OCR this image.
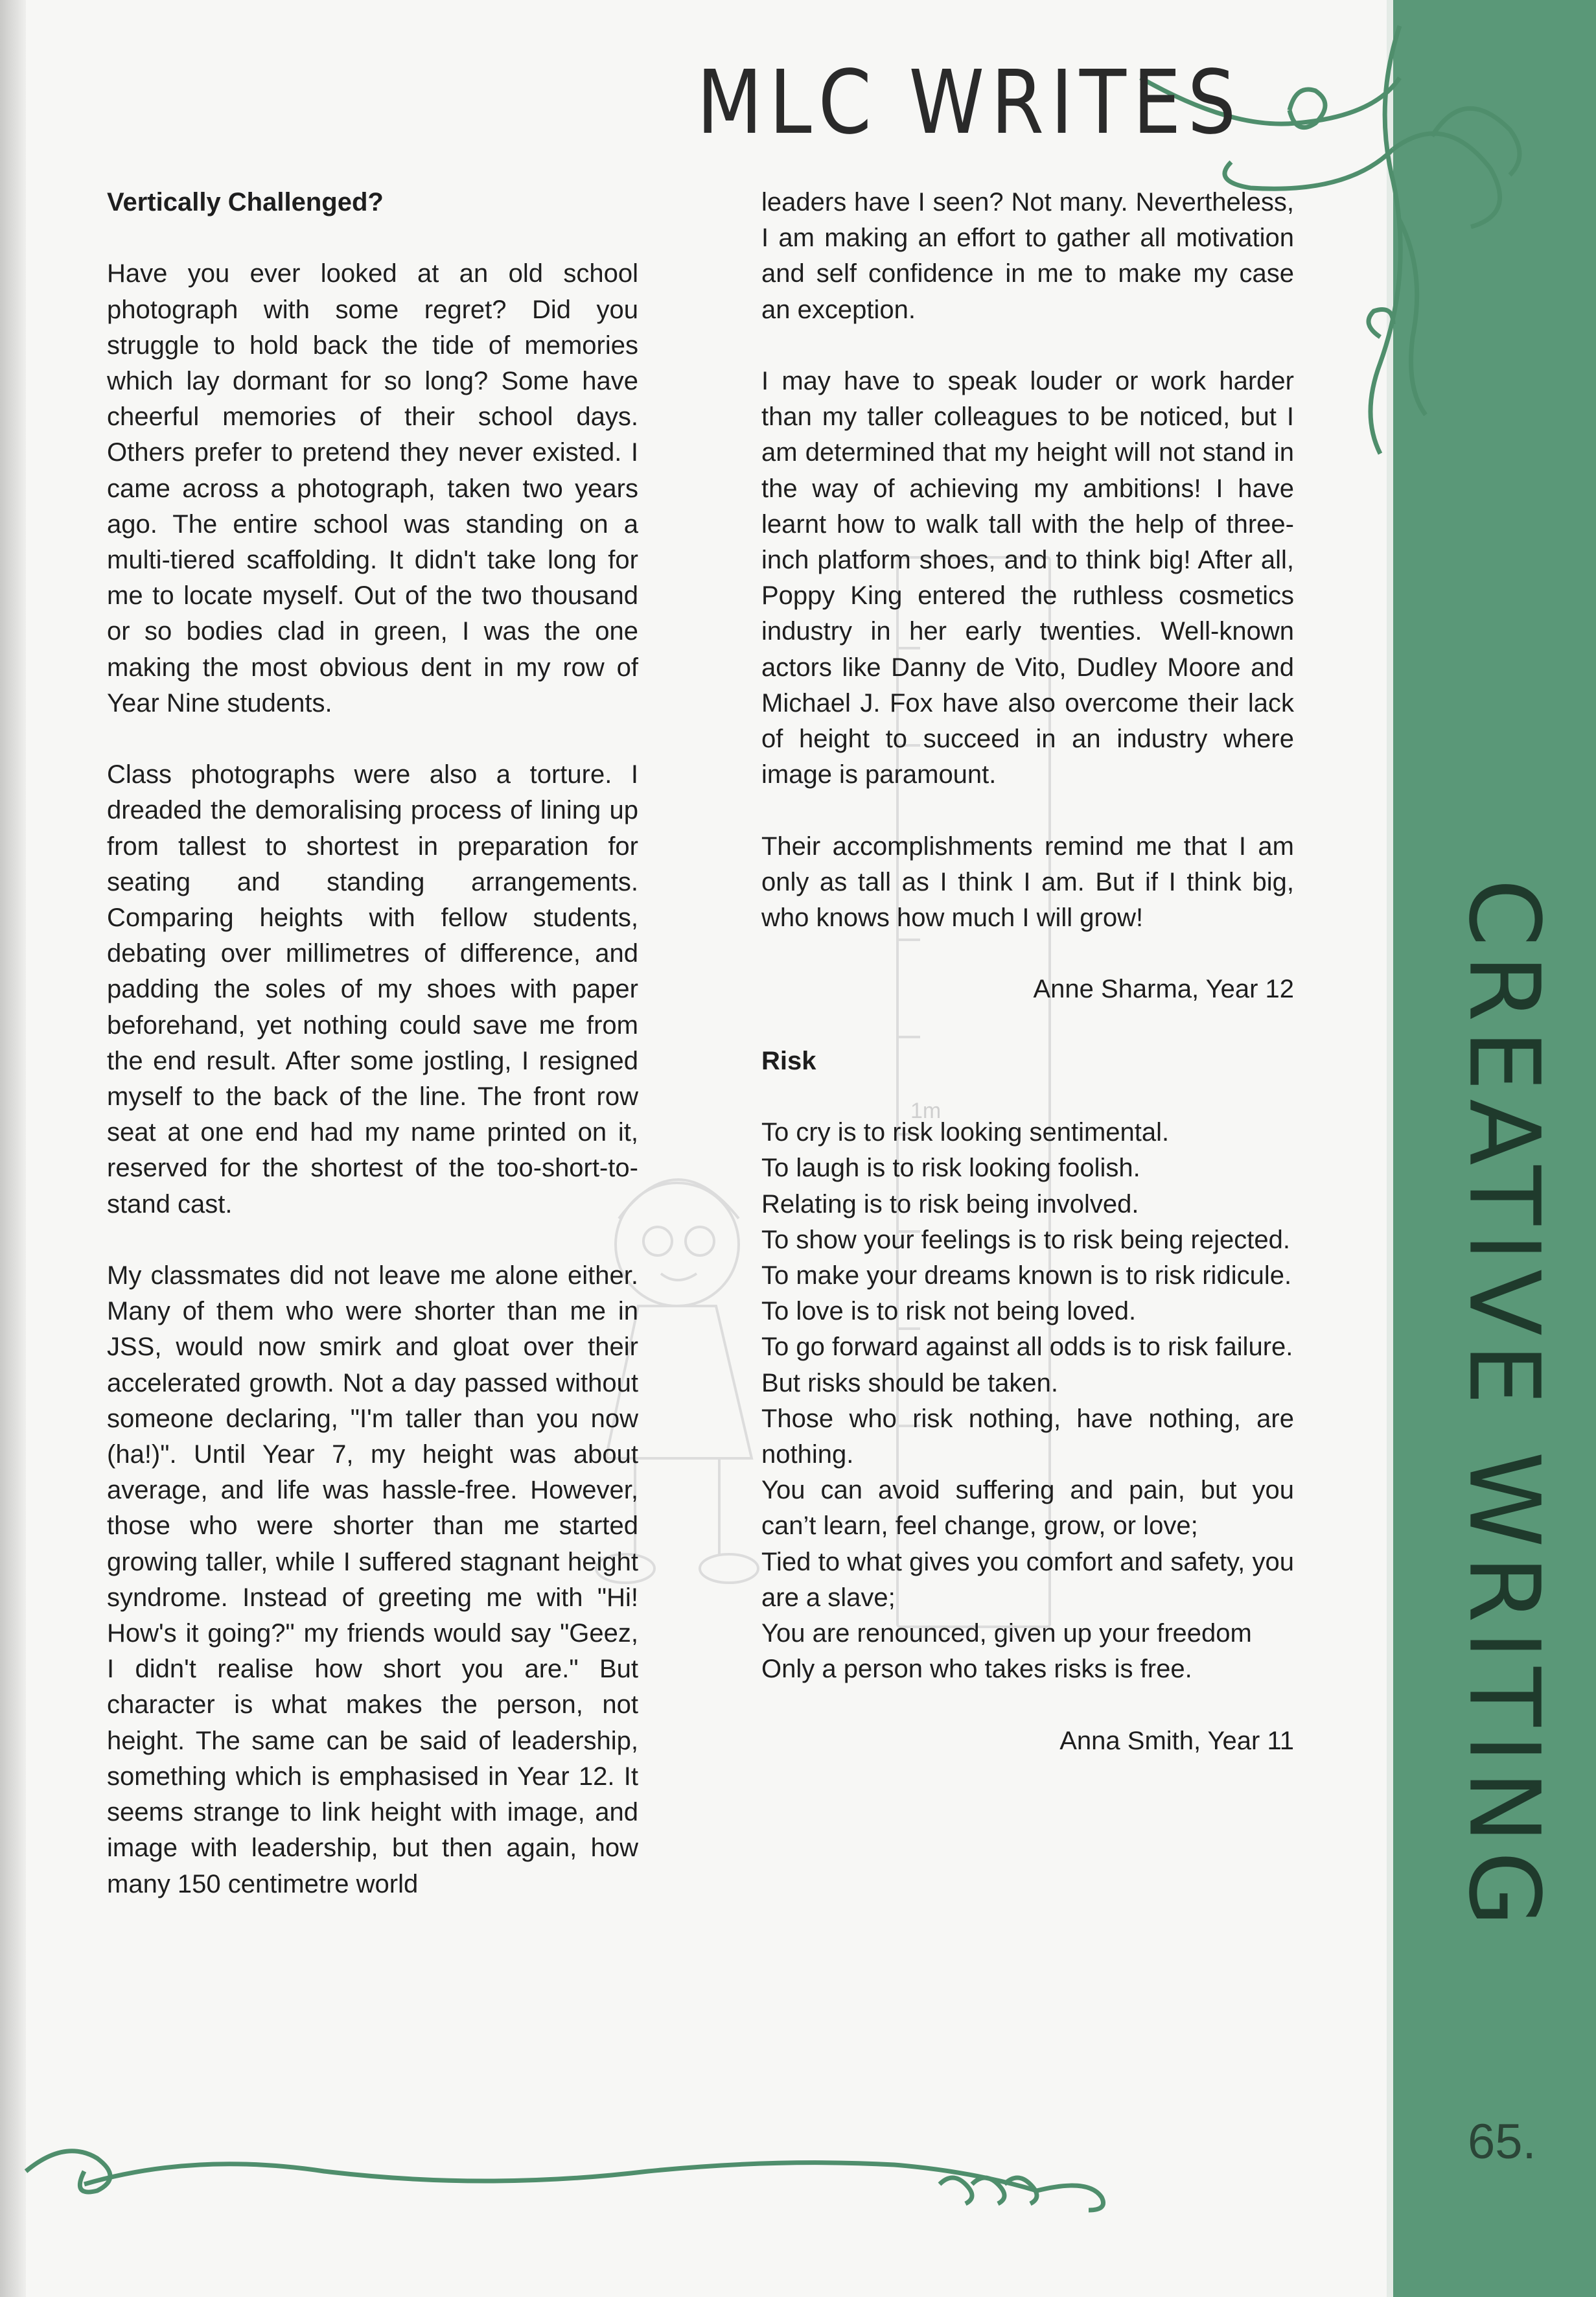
1m
MLC WRITES
CREATIVE WRITING
65.
Vertically Challenged?

Have you ever looked at an old school photograph with some regret? Did you struggle to hold back the tide of memories which lay dormant for so long? Some have cheerful memories of their school days. Others prefer to pretend they never existed. I came across a photograph, taken two years ago. The entire school was standing on a multi-tiered scaffolding. It didn't take long for me to locate myself. Out of the two thousand or so bodies clad in green, I was the one making the most obvious dent in my row of Year Nine students.

Class photographs were also a torture. I dreaded the demoralising process of lining up from tallest to shortest in preparation for seating and standing arrangements. Comparing heights with fellow students, debating over millimetres of difference, and padding the soles of my shoes with paper beforehand, yet nothing could save me from the end result. After some jostling, I resigned myself to the back of the line. The front row seat at one end had my name printed on it, reserved for the shortest of the too-short-to-stand cast.

My classmates did not leave me alone either. Many of them who were shorter than me in JSS, would now smirk and gloat over their accelerated growth. Not a day passed without someone declaring, "I'm taller than you now (ha!)". Until Year 7, my height was about average, and life was hassle-free. However, those who were shorter than me started growing taller, while I suffered stagnant height syndrome. Instead of greeting me with "Hi! How's it going?" my friends would say "Geez, I didn't realise how short you are." But character is what makes the person, not height. The same can be said of leadership, something which is emphasised in Year 12. It seems strange to link height with image, and image with leadership, but then again, how many 150 centimetre world

leaders have I seen? Not many. Nevertheless, I am making an effort to gather all motivation and self confidence in me to make my case an exception.

I may have to speak louder or work harder than my taller colleagues to be noticed, but I am determined that my height will not stand in the way of achieving my ambitions! I have learnt how to walk tall with the help of three-inch platform shoes, and to think big! After all, Poppy King entered the ruthless cosmetics industry in her early twenties. Well-known actors like Danny de Vito, Dudley Moore and Michael J. Fox have also overcome their lack of height to succeed in an industry where image is paramount.

Their accomplishments remind me that I am only as tall as I think I am. But if I think big, who knows how much I will grow!

Anne Sharma, Year 12
Risk
To cry is to risk looking sentimental.
To laugh is to risk looking foolish.
Relating is to risk being involved.
To show your feelings is to risk being rejected.
To make your dreams known is to risk ridicule.
To love is to risk not being loved.
To go forward against all odds is to risk failure.
But risks should be taken.
Those who risk nothing, have nothing, are nothing.
You can avoid suffering and pain, but you can’t learn, feel change, grow, or love;
Tied to what gives you comfort and safety, you are a slave;
You are renounced, given up your freedom
Only a person who takes risks is free.
Anna Smith, Year 11
